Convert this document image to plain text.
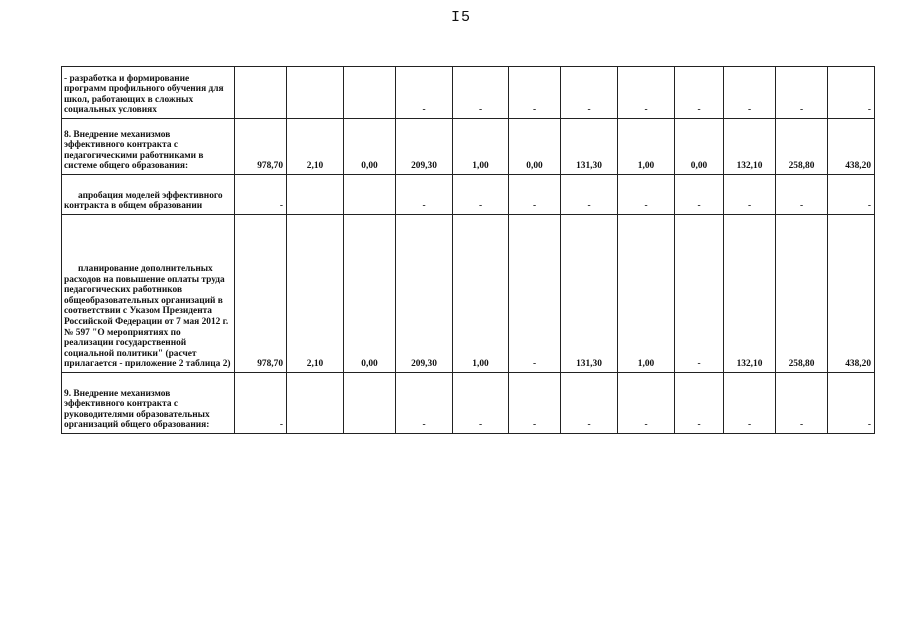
I5
- разработка и формирование программ профильного обучения для школ, работающих в сложных социальных условиях				-	-	-	-	-	-	-	-	-
8. Внедрение механизмов эффективного контракта с педагогическими работниками в системе общего образования:	978,70	2,10	0,00	209,30	1,00	0,00	131,30	1,00	0,00	132,10	258,80	438,20

апробация моделей эффективного контракта в общем образовании	-			-	-	-	-	-	-	-	-	-

планирование дополнительных расходов на повышение оплаты труда педагогических работников общеобразовательных организаций в соответствии с Указом Президента Российской Федерации от 7 мая 2012 г. № 597 "О мероприятиях по реализации государственной социальной политики" (расчет прилагается - приложение 2 таблица 2)	978,70	2,10	0,00	209,30	1,00	-	131,30	1,00	-	132,10	258,80	438,20
9. Внедрение механизмов эффективного контракта с руководителями образовательных организаций общего образования:	-			-	-	-	-	-	-	-	-	-
